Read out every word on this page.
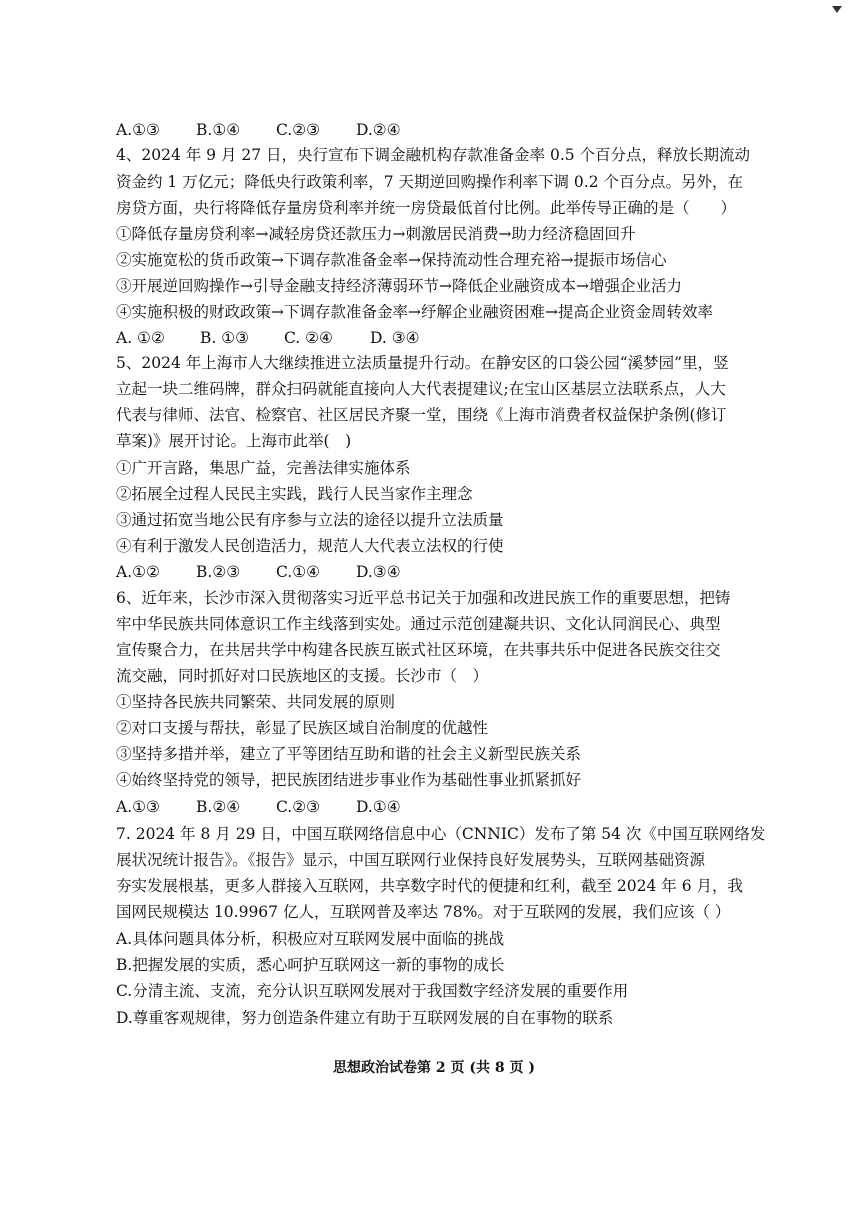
A.①③ B.①④ C.②③ D.②④
4、2024 年 9 月 27 日，央行宣布下调金融机构存款准备金率 0.5 个百分点，释放长期流动
资金约 1 万亿元；降低央行政策利率，7 天期逆回购操作利率下调 0.2 个百分点。另外，在
房贷方面，央行将降低存量房贷利率并统一房贷最低首付比例。此举传导正确的是（　　）
①降低存量房贷利率→减轻房贷还款压力→刺激居民消费→助力经济稳固回升
②实施宽松的货币政策→下调存款准备金率→保持流动性合理充裕→提振市场信心
③开展逆回购操作→引导金融支持经济薄弱环节→降低企业融资成本→增强企业活力
④实施积极的财政政策→下调存款准备金率→纾解企业融资困难→提高企业资金周转效率
A. ①② B. ①③ C. ②④ D. ③④
5、2024 年上海市人大继续推进立法质量提升行动。在静安区的口袋公园“溪梦园”里，竖
立起一块二维码牌，群众扫码就能直接向人大代表提建议;在宝山区基层立法联系点，人大
代表与律师、法官、检察官、社区居民齐聚一堂，围绕《上海市消费者权益保护条例(修订
草案)》展开讨论。上海市此举(　)
①广开言路，集思广益，完善法律实施体系
②拓展全过程人民民主实践，践行人民当家作主理念
③通过拓宽当地公民有序参与立法的途径以提升立法质量
④有利于激发人民创造活力，规范人大代表立法权的行使
A.①② B.②③ C.①④ D.③④
6、近年来，长沙市深入贯彻落实习近平总书记关于加强和改进民族工作的重要思想，把铸
牢中华民族共同体意识工作主线落到实处。通过示范创建凝共识、文化认同润民心、典型
宣传聚合力，在共居共学中构建各民族互嵌式社区环境，在共事共乐中促进各民族交往交
流交融，同时抓好对口民族地区的支援。长沙市（　）
①坚持各民族共同繁荣、共同发展的原则
②对口支援与帮扶，彰显了民族区域自治制度的优越性
③坚持多措并举，建立了平等团结互助和谐的社会主义新型民族关系
④始终坚持党的领导，把民族团结进步事业作为基础性事业抓紧抓好
A.①③ B.②④ C.②③ D.①④
7. 2024 年 8 月 29 日，中国互联网络信息中心（CNNIC）发布了第 54 次《中国互联网络发
展状况统计报告》。《报告》显示，中国互联网行业保持良好发展势头，互联网基础资源
夯实发展根基，更多人群接入互联网，共享数字时代的便捷和红利，截至 2024 年 6 月，我
国网民规模达 10.9967 亿人，互联网普及率达 78%。对于互联网的发展，我们应该（ ）
A.具体问题具体分析，积极应对互联网发展中面临的挑战
B.把握发展的实质，悉心呵护互联网这一新的事物的成长
C.分清主流、支流，充分认识互联网发展对于我国数字经济发展的重要作用
D.尊重客观规律，努力创造条件建立有助于互联网发展的自在事物的联系
思想政治试卷第 2 页 (共 8 页 )
